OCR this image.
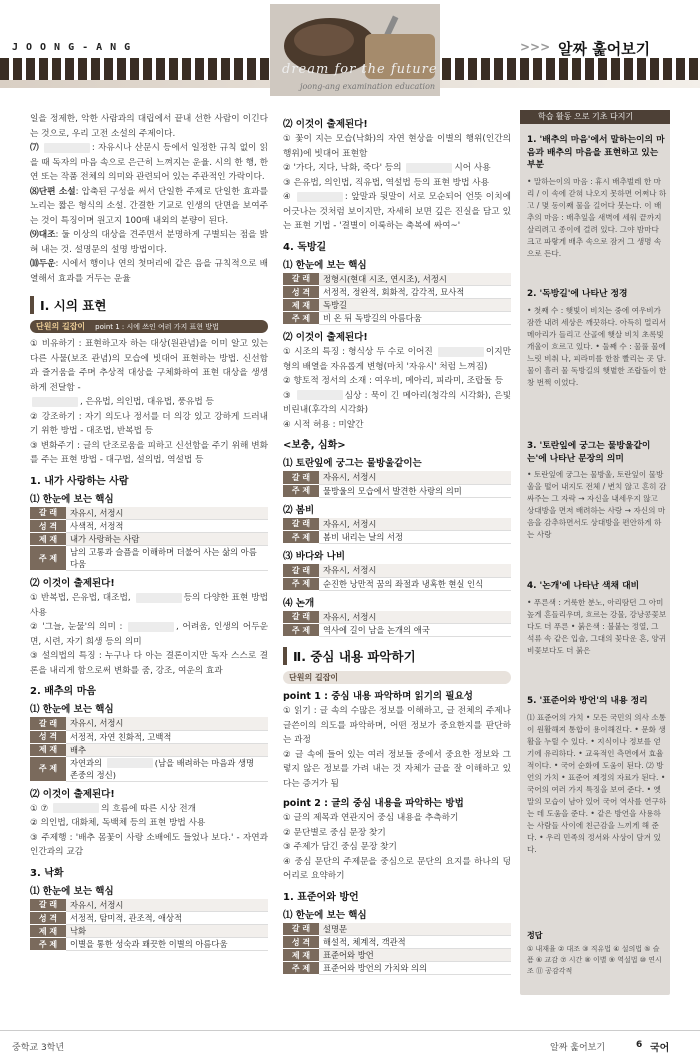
JOONG-ANG
dream for the future
joong-ang examination education
>>> 알짜 훑어보기

일을 정제한, 악한 사람과의 대립에서 끝내 선한 사람이 이긴다는 것으로, 우리 고전 소설의 주제이다.

⑺	: 자유시나 산문시 등에서 일정한 규칙 없이 읽을 때 독자의 마음 속으로 은근히 느껴지는 운율. 시의 한 행, 한 연 또는 작품 전체의 의미와 관련되어 있는 주관적인 가락이다.

⑻단편 소설: 압축된 구성을 써서 단일한 주제로 단일한 효과를 노리는 짧은 형식의 소설. 간결한 기교로 인생의 단면을 보여주는 것이 특징이며 원고지 100매 내외의 분량이 된다.

⑼대조: 둘 이상의 대상을 견주면서 분명하게 구별되는 점을 밝혀 내는 것. 설명문의 설명 방법이다.

⑽두운: 시에서 행이나 연의 첫머리에 같은 음을 규칙적으로 배열해서 효과를 거두는 운율

Ⅰ. 시의 표현
단원의 길잡이 point 1 : 시에 쓰인 여러 가지 표현 방법

① 비유하기 : 표현하고자 하는 대상(원관념)을 이미 알고 있는 다른 사물(보조 관념)의 모습에 빗대어 표현하는 방법. 신선함과 즐거움을 주며 추상적 대상을 구체화하여 표현 대상을 생생하게 전달함 -
, 은유법, 의인법, 대유법, 풍유법 등

② 강조하기 : 자기 의도나 정서를 더 의강 있고 강하게 드러내기 위한 방법 - 대조법, 반복법 등

③ 변화주기 : 글의 단조로움을 피하고 신선함을 주기 위해 변화를 주는 표현 방법 - 대구법, 설의법, 역설법 등

1. 내가 사랑하는 사람
⑴ 한눈에 보는 핵심
갈 래	자유시, 서정시
성 격	사색적, 서정적
제 재	내가 사랑하는 사람
주 제	남의 고통과 슬픔을 이해하며 더불어 사는 삶의 아름다움
⑵ 이것이 출제된다!

① 반복법, 은유법, 대조법,	등의 다양한 표현 방법 사용

② '그늘, 눈물'의 의미 :	, 어려움, 인생의 어두운 면, 시련, 자기 희생 등의 의미

③ 설의법의 특징 : 누구나 다 아는 결론이지만 독자 스스로 결론을 내리게 함으로써 변화를 줌, 강조, 여운의 효과

2. 배추의 마음
⑴ 한눈에 보는 핵심
갈 래	자유시, 서정시
성 격	서정적, 자연 친화적, 고백적
제 재	배추
주 제	자연과의 (남을 배려하는 마음과 생명 존중의 정신)
⑵ 이것이 출제된다!

① ⑦	의 흐름에 따른 시상 전개

② 의인법, 대화체, 독백체 등의 표현 방법 사용

③ 주제행 : '배추 몸꽃이 사랑 소배에도 들었나 보다.' - 자연과 인간과의 교감

3. 낙화
⑴ 한눈에 보는 핵심
갈 래	자유시, 서정시
성 격	서정적, 탐미적, 관조적, 애상적
제 재	낙화
주 제	이별을 통한 성숙과 꽤끗한 이별의 아름다움
⑵ 이것이 출제된다!

① 꽃이 지는 모습(낙화)의 자연 현상을 이별의 행위(인간의 행위)에 빗대어 표현함

② '가다, 지다, 낙화, 죽다' 등의	시어 사용

③ 은유법, 의인법, 직유법, 역설법 등의 표현 방법 사용

④	: 앞말과 뒷말이 서로 모순되어 언뜻 이치에 어긋나는 것처럼 보이지만, 자세히 보면 깊은 진실을 담고 있는 표현 기법 - '결별이 이룩하는 축복에 싸여~'

4. 독방길
⑴ 한눈에 보는 핵심
갈 래	정형시(현대 시조, 연시조), 서정시
성 격	서정적, 정완적, 회화적, 감각적, 묘사적
제 재	독방길
주 제	비 온 뒤 독방길의 아름다움
⑵ 이것이 출제된다!

① 시조의 특징 : 형식상 두 수로 이어진	이지만 형의 배열을 자유롭게 변형(마치 '자유시' 처럼 느껴짐)

② 향토적 정서의 소재 : 여우비, 메아리, 피라미, 조랍돌 등

③	심상 : 묵이 긴 메아리(청각의 시각화), 은빛 비린내(후각의 시각화)

④ 시적 허용 : 미얄간

<보충, 심화>
⑴ 토란잎에 궁그는 물방울같이는
갈 래	자유시, 서정시
주 제	물방울의 모습에서 발견한 사랑의 의미
⑵ 봄비
갈 래	자유시, 서정시
주 제	봄비 내리는 날의 서정
⑶ 바다와 나비
갈 래	자유시, 서정시
주 제	순진한 낭만적 꿈의 좌절과 냉혹한 현실 인식
⑷ 논개
갈 래	자유시, 서정시
주 제	역사에 길이 남을 논개의 애국
Ⅱ. 중심 내용 파악하기
단원의 길잡이
point 1 : 중심 내용 파악하며 읽기의 필요성

① 읽기 : 글 속의 수많은 정보를 이해하고, 글 전체의 주제나 글쓴이의 의도를 파악하며, 어떤 정보가 중요한지를 판단하는 과정

② 글 속에 들어 있는 여러 정보들 중에서 중요한 정보와 그렇지 않은 정보를 가려 내는 것 자체가 글을 잘 이해하고 있다는 증거가 됨

point 2 : 글의 중심 내용을 파악하는 방법

① 글의 제목과 연관지어 중심 내용을 추측하기

② 문단별로 중심 문장 찾기

③ 주제가 담긴 중심 문장 찾기

④ 중심 문단의 주제문을 중심으로 문단의 요지를 하나의 덩어리로 요약하기

1. 표준어와 방언
⑴ 한눈에 보는 핵심
갈 래	설명문
성 격	해설적, 체계적, 객관적
제 재	표준어와 방언
주 제	표준어와 방언의 가치와 의의
학습 활동 으로 기초 다지기
1. '배추의 마음'에서 말하는이의 마음과 배추의 마음을 표현하고 있는 부분
• 말하는이의 마음 : 휴시 배추벌레 한 마리 / 이 속에 갇혀 나오지 못하면 어쩌나 하고 / 몇 동이째 물을 길어다 붓는다. 이 배추의 마음 : 배추잎을 새벽에 세워 끝까지 살리려고 종이에 걸려 있다. 그야 밤마다 크고 파랗게 배추 속으로 잠겨 그 생명 속으로 든다.
2. '독방길'에 나타난 정경
• 첫째 수 : 햇빛이 비치는 중에 여우비가 잠깐 내려 세상은 깨끗하다. 아득히 멀리서 메아리가 들리고 산골에 햇살 비치 초록빛 개울이 흐르고 있다. • 둘째 수 : 물풀 물에 느릿 비춰 나, 피라미를 한참 빨리는 곳 담. 물이 흘러 물 독방길의 햇볕한 조랍돌이 한창 번쩍 이었다.
3. '토란잎에 궁그는 물방울같이는'에 나타난 문장의 의미
• 토란잎에 궁그는 물방울, 토란잎이 물방울을 떨어 내지도 전체 / 변치 않고 흔히 감싸주는 그 자락 → 자신을 내세우지 않고 상대방을 면저 배려하는 사랑 → 자신의 마음을 감추하면서도 상대방을 편안하게 하는 사랑
4. '논개'에 나타난 색채 대비
• 푸른색 : 거룩한 분노, 아리땀던 그 아미 높게 흔들리우며, 흐르는 강물, 강낭콩꽃보다도 더 푸른 • 붉은색 : 불붙는 정열, 그 석류 속 같은 입술, 그대의 꽃다운 혼, 양귀비꽃보다도 더 붉은
5. '표준어와 방언'의 내용 정리
⑴ 표준어의 가치 • 모든 국민의 의사 소통이 원활해져 통합이 용이해진다. • 문화 생활을 누릴 수 있다. • 지식이나 정보를 얻기에 유리하다. • 교육적인 측면에서 효율적이다. • 국어 순화에 도움이 된다. ⑵ 방언의 가치 • 표준어 제정의 자료가 된다. • 국어의 여러 가지 특징을 보여 준다. • 옛말의 모습이 남아 있어 국어 역사를 연구하는 데 도움을 준다. • 같은 방언을 사용하는 사람들 사이에 친근감을 느끼게 해 준다. • 우리 민족의 정서와 사상이 담겨 있다.
정답
① 내재율 ② 대조 ③ 직유법 ④ 설의법 ⑤ 슬픔 ⑥ 교감 ⑦ 시간 ⑧ 이별 ⑨ 역설법 ⑩ 연시조 ⑪ 공감각적
중학교 3학년	알짜 훑어보기	6 국어
